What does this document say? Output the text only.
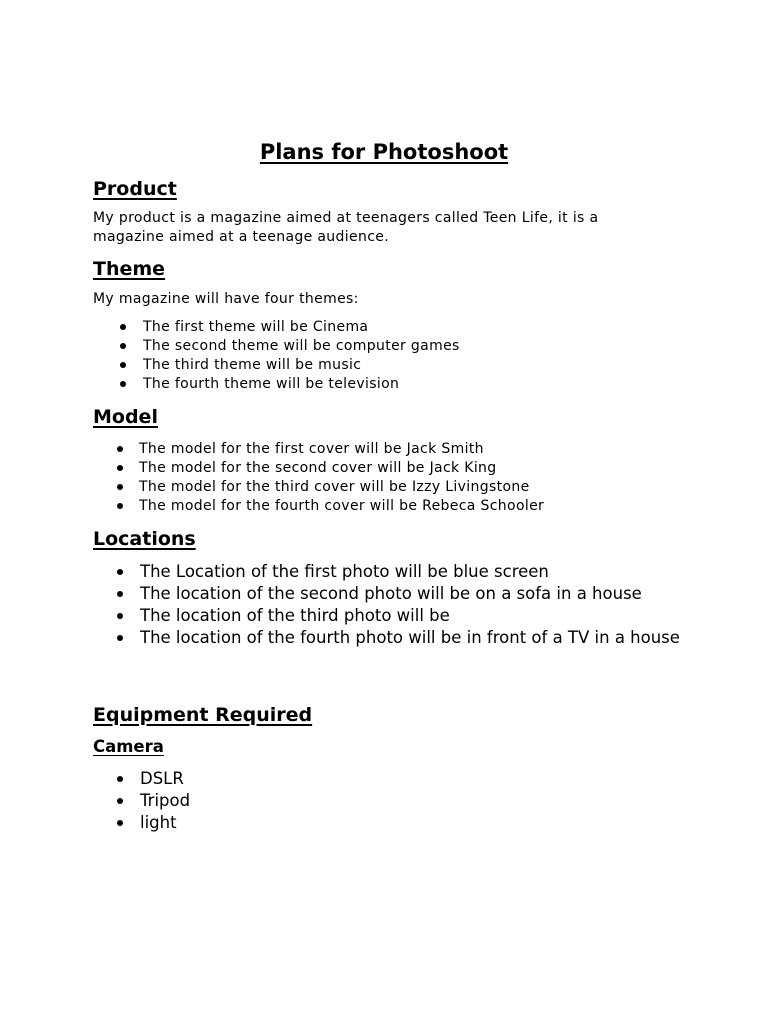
Plans for Photoshoot
Product
My product is a magazine aimed at teenagers called Teen Life, it is a magazine aimed at a teenage audience.
Theme
My magazine will have four themes:
The first theme will be Cinema
The second theme will be computer games
The third theme will be music
The fourth theme will be television
Model
The model for the first cover will be Jack Smith
The model for the second cover will be Jack King
The model for the third cover will be Izzy Livingstone
The model for the fourth cover will be Rebeca Schooler
Locations
The Location of the first photo will be blue screen
The location of the second photo will be on a sofa in a house
The location of the third photo will be
The location of the fourth photo will be in front of a TV in a house
Equipment Required
Camera
DSLR
Tripod
light
